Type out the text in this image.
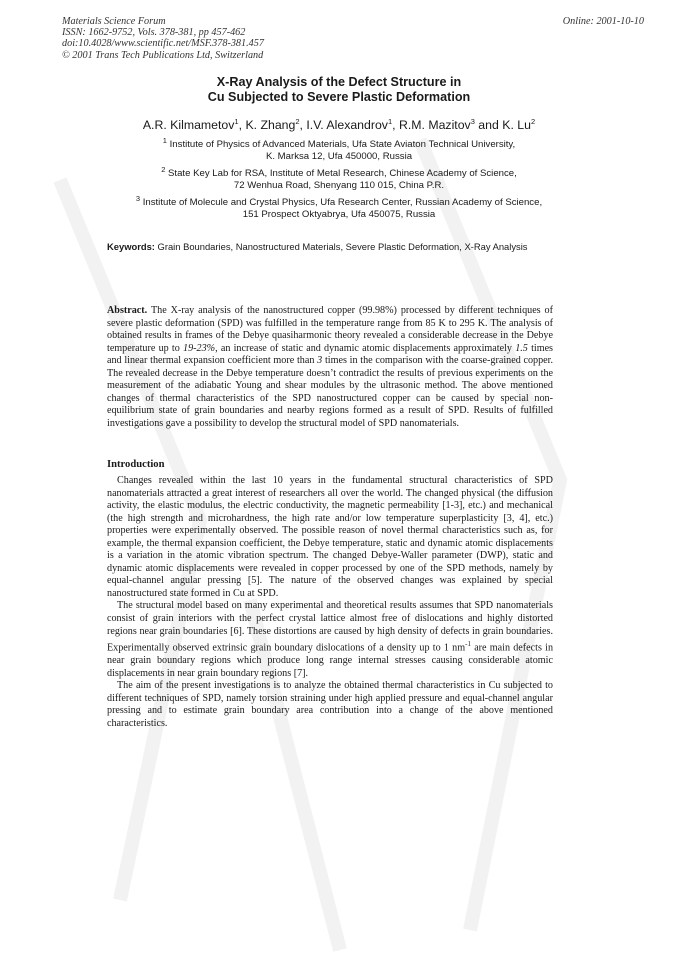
Materials Science Forum
ISSN: 1662-9752, Vols. 378-381, pp 457-462
doi:10.4028/www.scientific.net/MSF.378-381.457
© 2001 Trans Tech Publications Ltd, Switzerland
Online: 2001-10-10
X-Ray Analysis of the Defect Structure in
Cu Subjected to Severe Plastic Deformation
A.R. Kilmametov$^1$, K. Zhang$^2$, I.V. Alexandrov$^1$, R.M. Mazitov$^3$ and K. Lu$^2$
$^1$ Institute of Physics of Advanced Materials, Ufa State Aviaton Technical University,
K. Marksa 12, Ufa 450000, Russia
$^2$ State Key Lab for RSA, Institute of Metal Research, Chinese Academy of Science,
72 Wenhua Road, Shenyang 110 015, China P.R.
$^3$ Institute of Molecule and Crystal Physics, Ufa Research Center, Russian Academy of Science,
151 Prospect Oktyabrya, Ufa 450075, Russia
Keywords: Grain Boundaries, Nanostructured Materials, Severe Plastic Deformation, X-Ray Analysis

Abstract. The X-ray analysis of the nanostructured copper (99.98%) processed by different techniques of severe plastic deformation (SPD) was fulfilled in the temperature range from 85 K to 295 K. The analysis of obtained results in frames of the Debye quasiharmonic theory revealed a considerable decrease in the Debye temperature up to 19-23%, an increase of static and dynamic atomic displacements approximately 1.5 times and linear thermal expansion coefficient more than 3 times in the comparison with the coarse-grained copper. The revealed decrease in the Debye temperature doesn’t contradict the results of previous experiments on the measurement of the adiabatic Young and shear modules by the ultrasonic method. The above mentioned changes of thermal characteristics of the SPD nanostructured copper can be caused by special non-equilibrium state of grain boundaries and nearby regions formed as a result of SPD. Results of fulfilled investigations gave a possibility to develop the structural model of SPD nanomaterials.

Introduction

Changes revealed within the last 10 years in the fundamental structural characteristics of SPD nanomaterials attracted a great interest of researchers all over the world. The changed physical (the diffusion activity, the elastic modulus, the electric conductivity, the magnetic permeability [1-3], etc.) and mechanical (the high strength and microhardness, the high rate and/or low temperature superplasticity [3, 4], etc.) properties were experimentally observed. The possible reason of novel thermal characteristics such as, for example, the thermal expansion coefficient, the Debye temperature, static and dynamic atomic displacements is a variation in the atomic vibration spectrum. The changed Debye-Waller parameter (DWP), static and dynamic atomic displacements were revealed in copper processed by one of the SPD methods, namely by equal-channel angular pressing [5]. The nature of the observed changes was explained by special nanostructured state formed in Cu at SPD.

The structural model based on many experimental and theoretical results assumes that SPD nanomaterials consist of grain interiors with the perfect crystal lattice almost free of dislocations and highly distorted regions near grain boundaries [6]. These distortions are caused by high density of defects in grain boundaries. Experimentally observed extrinsic grain boundary dislocations of a density up to 1 $nm^{-1}$ are main defects in near grain boundary regions which produce long range internal stresses causing considerable atomic displacements in near grain boundary regions [7].

The aim of the present investigations is to analyze the obtained thermal characteristics in Cu subjected to different techniques of SPD, namely torsion straining under high applied pressure and equal-channel angular pressing and to estimate grain boundary area contribution into a change of the above mentioned characteristics.
